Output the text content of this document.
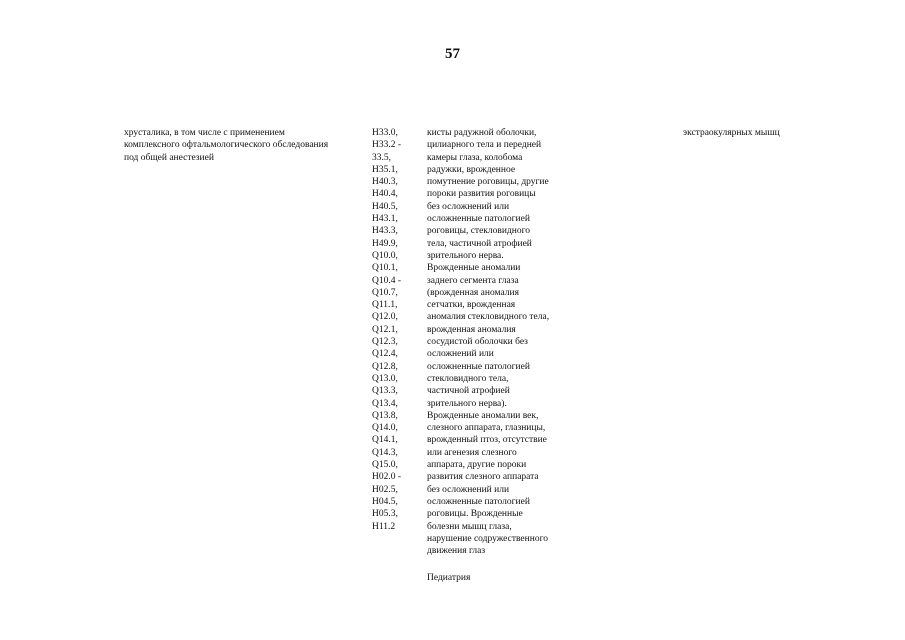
57
хрусталика, в том числе с применением
комплексного офтальмологического обследования
под общей анестезией
H33.0,
H33.2 -
33.5,
H35.1,
H40.3,
H40.4,
H40.5,
H43.1,
H43.3,
H49.9,
Q10.0,
Q10.1,
Q10.4 -
Q10.7,
Q11.1,
Q12.0,
Q12.1,
Q12.3,
Q12.4,
Q12.8,
Q13.0,
Q13.3,
Q13.4,
Q13.8,
Q14.0,
Q14.1,
Q14.3,
Q15.0,
H02.0 -
H02.5,
H04.5,
H05.3,
H11.2
кисты радужной оболочки,
цилиарного тела и передней
камеры глаза, колобома
радужки, врожденное
помутнение роговицы, другие
пороки развития роговицы
без осложнений или
осложненные патологией
роговицы, стекловидного
тела, частичной атрофией
зрительного нерва.
Врожденные аномалии
заднего сегмента глаза
(врожденная аномалия
сетчатки, врожденная
аномалия стекловидного тела,
врожденная аномалия
сосудистой оболочки без
осложнений или
осложненные патологией
стекловидного тела,
частичной атрофией
зрительного нерва).
Врожденные аномалии век,
слезного аппарата, глазницы,
врожденный птоз, отсутствие
или агенезия слезного
аппарата, другие пороки
развития слезного аппарата
без осложнений или
осложненные патологией
роговицы. Врожденные
болезни мышц глаза,
нарушение содружественного
движения глаз
экстраокулярных мышц
Педиатрия
